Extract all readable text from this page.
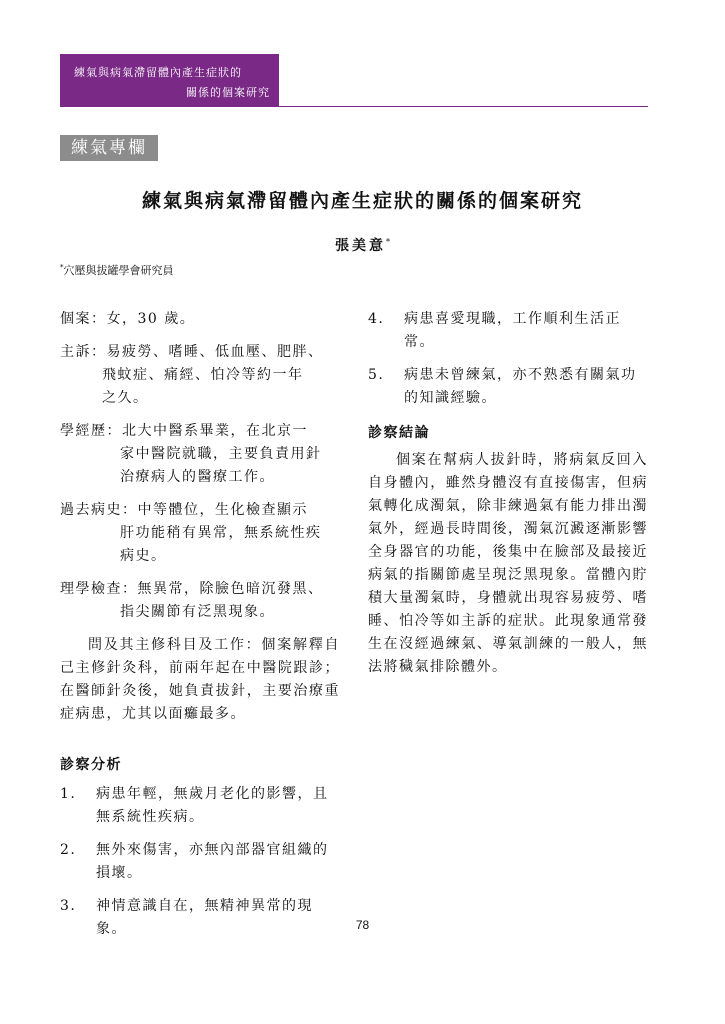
練氣與病氣滯留體內產生症狀的
關係的個案研究
練氣專欄
練氣與病氣滯留體內產生症狀的關係的個案研究
張美意*
*穴壓與拔罐學會研究員

個案：女，30 歲。

主訴：易疲勞、嗜睡、低血壓、肥胖、
飛蚊症、痛經、怕冷等約一年
之久。

學經歷：北大中醫系畢業，在北京一
家中醫院就職，主要負責用針
治療病人的醫療工作。

過去病史：中等體位，生化檢查顯示
肝功能稍有異常，無系統性疾
病史。

理學檢查：無異常，除臉色暗沉發黑、
指尖關節有泛黑現象。

問及其主修科目及工作：個案解釋自己主修針灸科，前兩年起在中醫院跟診；在醫師針灸後，她負責拔針，主要治療重症病患，尤其以面癱最多。

診察分析

1. 病患年輕，無歲月老化的影響，且無系統性疾病。
2. 無外來傷害，亦無內部器官組織的損壞。
3. 神情意識自在，無精神異常的現象。
4. 病患喜愛現職，工作順利生活正常。
5. 病患未曾練氣，亦不熟悉有關氣功的知識經驗。

診察結論

個案在幫病人拔針時，將病氣反回入自身體內，雖然身體沒有直接傷害，但病氣轉化成濁氣，除非練過氣有能力排出濁氣外，經過長時間後，濁氣沉澱逐漸影響全身器官的功能，後集中在臉部及最接近病氣的指關節處呈現泛黑現象。當體內貯積大量濁氣時，身體就出現容易疲勞、嗜睡、怕冷等如主訴的症狀。此現象通常發生在沒經過練氣、導氣訓練的一般人，無法將穢氣排除體外。

78
